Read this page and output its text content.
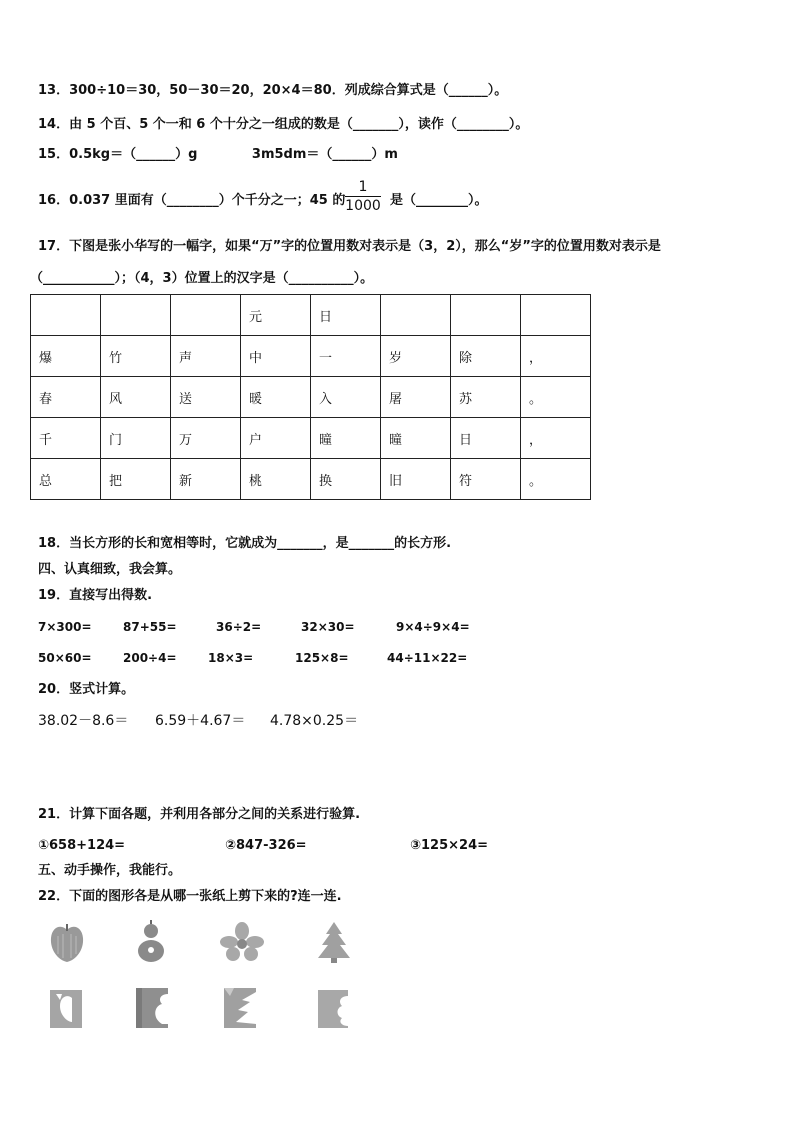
13．300÷10＝30，50－30＝20，20×4＝80．列成综合算式是（______）。
14．由 5 个百、5 个一和 6 个十分之一组成的数是（_______），读作（________）。
15．0.5kg＝（______）g	3m5dm＝（______）m
16．0.037 里面有（________）个千分之一；45 的
1
1000 是（________）。
17．下图是张小华写的一幅字，如果“万”字的位置用数对表示是（3，2），那么“岁”字的位置用数对表示是
（___________）；（4，3）位置上的汉字是（__________）。
			元	日			
爆	竹	声	中	一	岁	除	，
春	风	送	暖	入	屠	苏	。
千	门	万	户	曈	曈	日	，
总	把	新	桃	换	旧	符	。
18．当长方形的长和宽相等时，它就成为_______，是_______的长方形.
四、认真细致，我会算。
19．直接写出得数.
7×300=	87+55=	36÷2=	32×30=	9×4÷9×4=
50×60=	200÷4=	18×3=	125×8=	44÷11×22=
20．竖式计算。
38.02－8.6＝ 6.59＋4.67＝ 4.78×0.25＝
21．计算下面各题，并利用各部分之间的关系进行验算.
①658+124=	②847-326=	③125×24=
五、动手操作，我能行。
22．下面的图形各是从哪一张纸上剪下来的?连一连.
